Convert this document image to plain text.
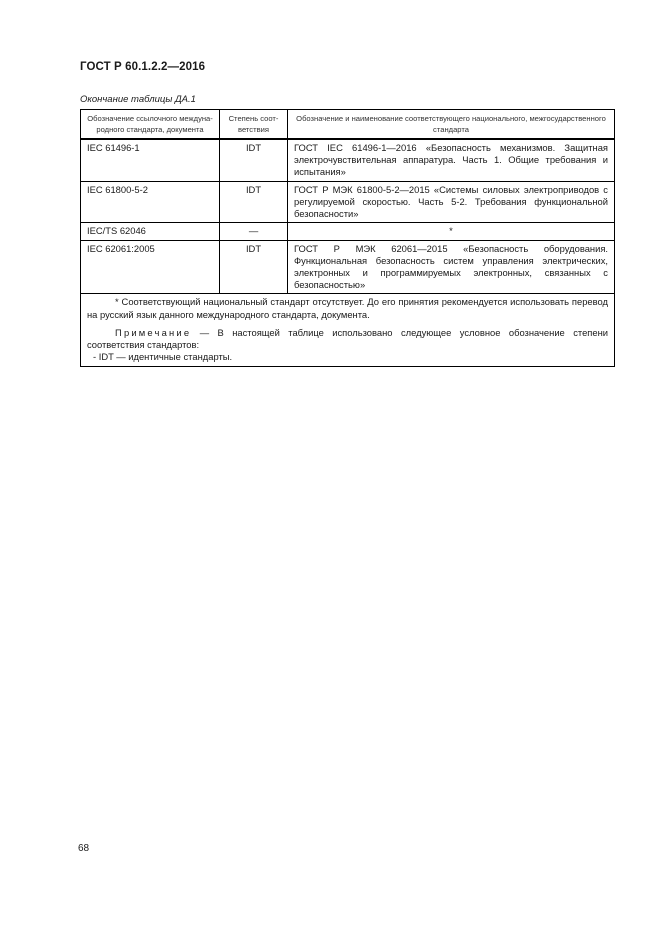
ГОСТ Р 60.1.2.2—2016
Окончание таблицы ДА.1
Обозначение ссылочного междуна-родного стандарта, документа	Степень соот-ветствия	Обозначение и наименование соответствующего национального, межгосударственного стандарта
IEC 61496-1	IDT	ГОСТ IEC 61496-1—2016 «Безопасность механизмов. Защитная электрочувствительная аппаратура. Часть 1. Общие требования и испытания»
IEC 61800-5-2	IDT	ГОСТ Р МЭК 61800-5-2—2015 «Системы силовых электроприводов с регулируемой скоростью. Часть 5-2. Требования функциональной безопасности»
IEC/TS 62046	—	*
IEC 62061:2005	IDT	ГОСТ Р МЭК 62061—2015 «Безопасность оборудования. Функциональная безопасность систем управления электрических, электронных и программируемых электронных, связанных с безопасностью»

* Соответствующий национальный стандарт отсутствует. До его принятия рекомендуется использовать перевод на русский язык данного международного стандарта, документа.

Примечание — В настоящей таблице использовано следующее условное обозначение степени соответствия стандартов:

- IDT — идентичные стандарты.		

68
